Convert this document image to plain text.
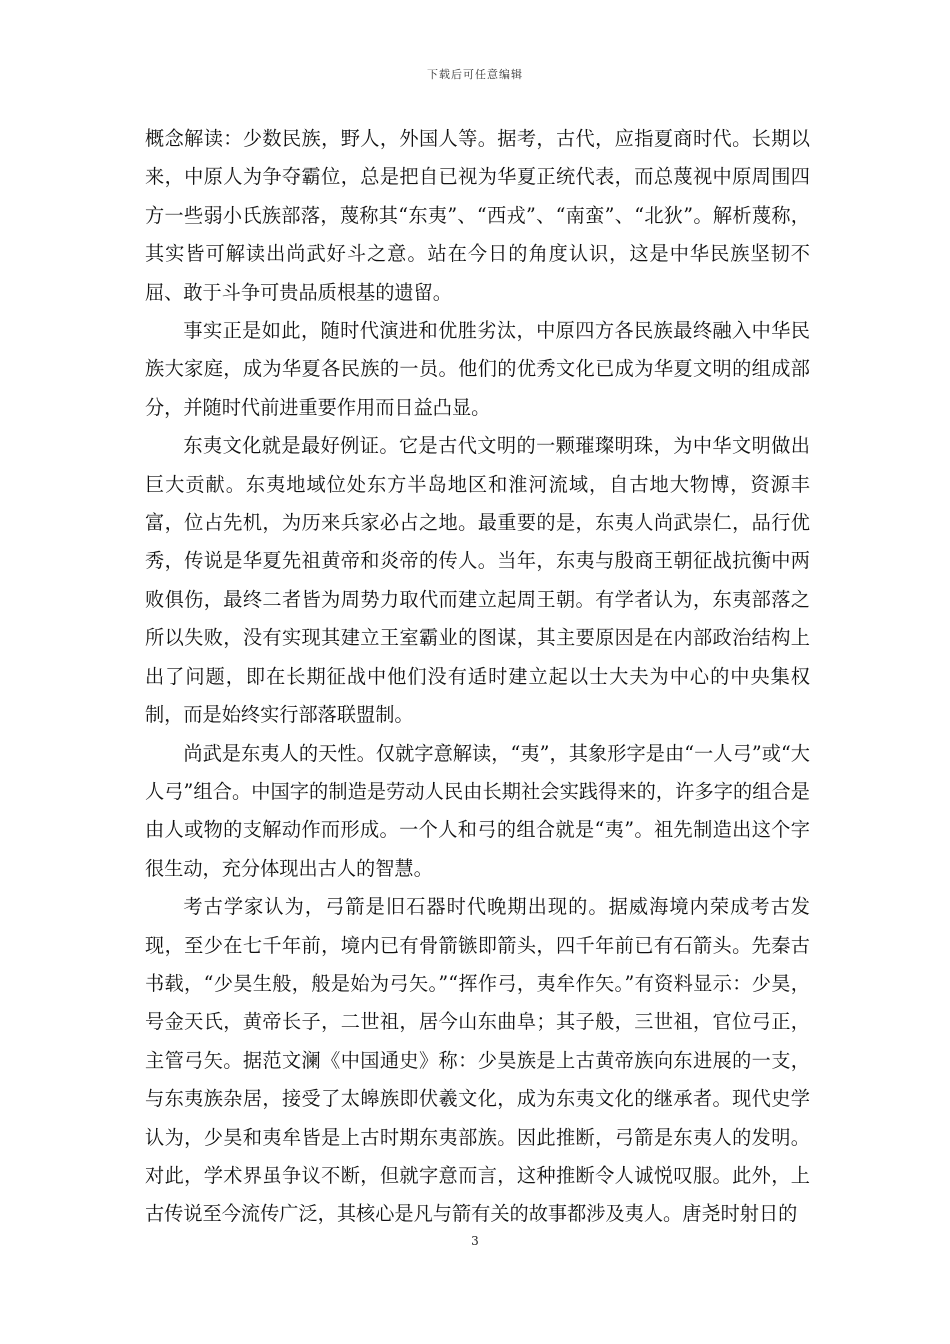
下载后可任意编辑

概念解读：少数民族，野人，外国人等。据考，古代，应指夏商时代。长期以来，中原人为争夺霸位，总是把自已视为华夏正统代表，而总蔑视中原周围四方一些弱小氏族部落，蔑称其“东夷”、“西戎”、“南蛮”、“北狄”。解析蔑称，其实皆可解读出尚武好斗之意。站在今日的角度认识，这是中华民族坚韧不屈、敢于斗争可贵品质根基的遗留。

事实正是如此，随时代演进和优胜劣汰，中原四方各民族最终融入中华民族大家庭，成为华夏各民族的一员。他们的优秀文化已成为华夏文明的组成部分，并随时代前进重要作用而日益凸显。

东夷文化就是最好例证。它是古代文明的一颗璀璨明珠，为中华文明做出巨大贡献。东夷地域位处东方半岛地区和淮河流域，自古地大物博，资源丰富，位占先机，为历来兵家必占之地。最重要的是，东夷人尚武崇仁，品行优秀，传说是华夏先祖黄帝和炎帝的传人。当年，东夷与殷商王朝征战抗衡中两败俱伤，最终二者皆为周势力取代而建立起周王朝。有学者认为，东夷部落之所以失败，没有实现其建立王室霸业的图谋，其主要原因是在内部政治结构上出了问题，即在长期征战中他们没有适时建立起以士大夫为中心的中央集权制，而是始终实行部落联盟制。

尚武是东夷人的天性。仅就字意解读，“夷”，其象形字是由“一人弓”或“大人弓”组合。中国字的制造是劳动人民由长期社会实践得来的，许多字的组合是由人或物的支解动作而形成。一个人和弓的组合就是“夷”。祖先制造出这个字很生动，充分体现出古人的智慧。

考古学家认为，弓箭是旧石器时代晚期出现的。据威海境内荣成考古发现，至少在七千年前，境内已有骨箭镞即箭头，四千年前已有石箭头。先秦古书载，“少昊生般，般是始为弓矢。”“挥作弓，夷牟作矢。”有资料显示：少昊，号金天氏，黄帝长子，二世祖，居今山东曲阜；其子般，三世祖，官位弓正，主管弓矢。据范文澜《中国通史》称：少昊族是上古黄帝族向东进展的一支，与东夷族杂居，接受了太皞族即伏羲文化，成为东夷文化的继承者。现代史学认为，少昊和夷牟皆是上古时期东夷部族。因此推断，弓箭是东夷人的发明。对此，学术界虽争议不断，但就字意而言，这种推断令人诚悦叹服。此外，上古传说至今流传广泛，其核心是凡与箭有关的故事都涉及夷人。唐尧时射日的

3
